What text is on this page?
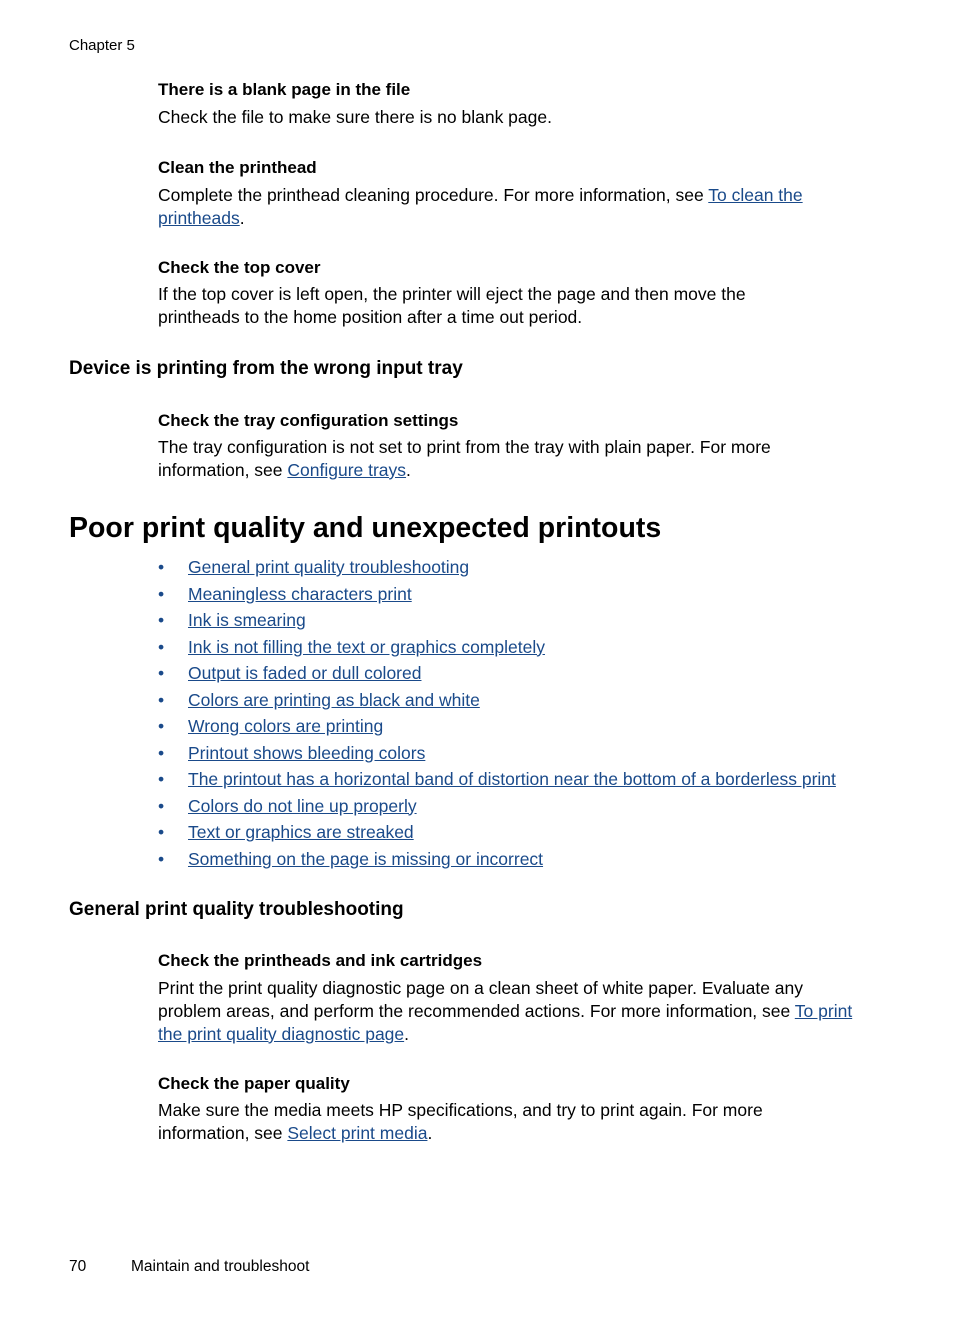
Chapter 5
There is a blank page in the file
Check the file to make sure there is no blank page.
Clean the printhead
Complete the printhead cleaning procedure. For more information, see To clean the printheads.
Check the top cover
If the top cover is left open, the printer will eject the page and then move the printheads to the home position after a time out period.
Device is printing from the wrong input tray
Check the tray configuration settings
The tray configuration is not set to print from the tray with plain paper. For more information, see Configure trays.
Poor print quality and unexpected printouts
• General print quality troubleshooting
• Meaningless characters print
• Ink is smearing
• Ink is not filling the text or graphics completely
• Output is faded or dull colored
• Colors are printing as black and white
• Wrong colors are printing
• Printout shows bleeding colors
• The printout has a horizontal band of distortion near the bottom of a borderless print
• Colors do not line up properly
• Text or graphics are streaked
• Something on the page is missing or incorrect
General print quality troubleshooting
Check the printheads and ink cartridges
Print the print quality diagnostic page on a clean sheet of white paper. Evaluate any problem areas, and perform the recommended actions. For more information, see To print the print quality diagnostic page.
Check the paper quality
Make sure the media meets HP specifications, and try to print again. For more information, see Select print media.
70	Maintain and troubleshoot
